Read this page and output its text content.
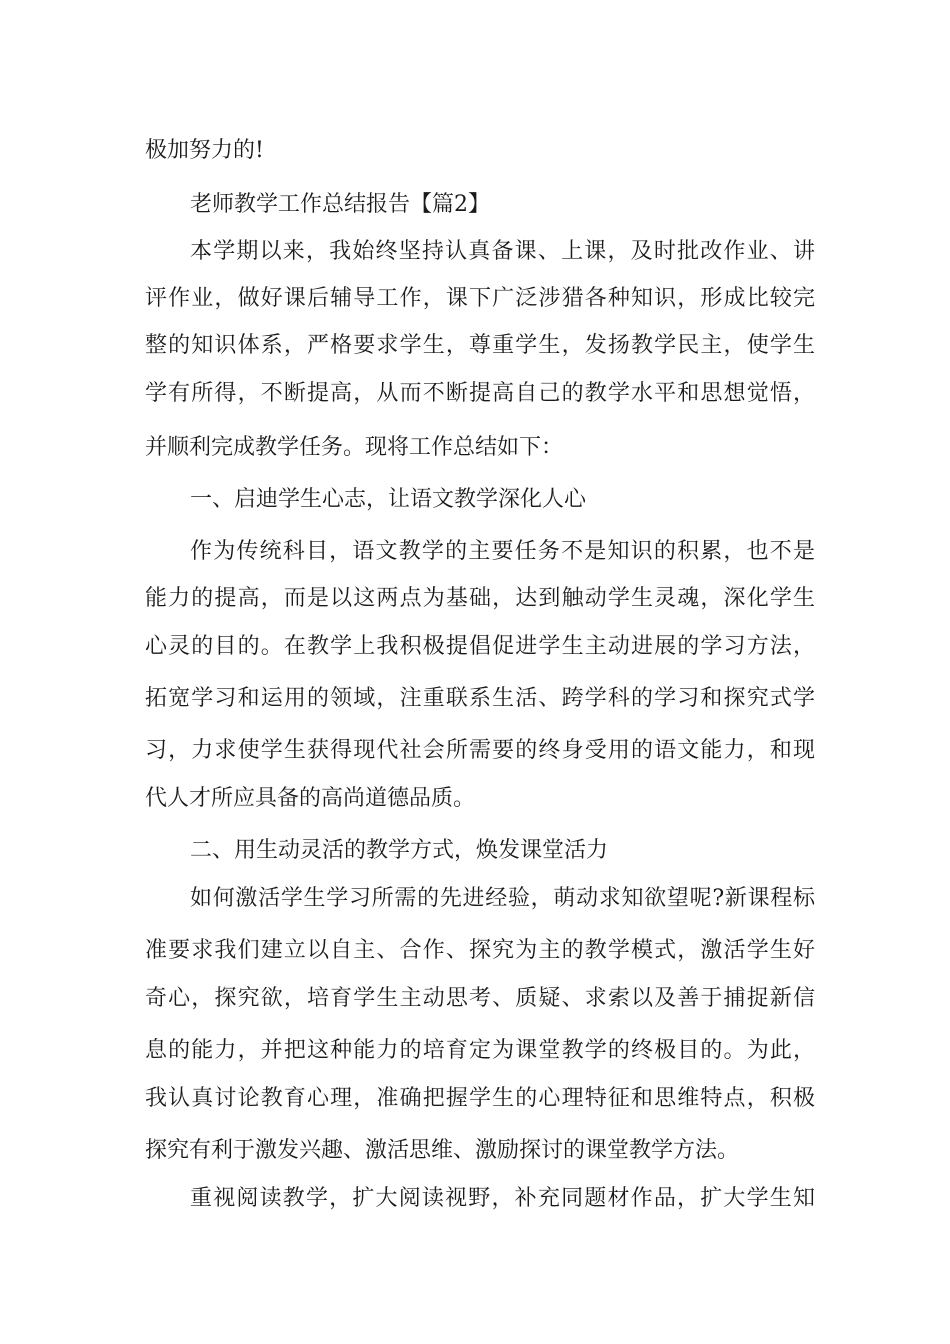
极加努力的!
老师教学工作总结报告【篇2】
本学期以来，我始终坚持认真备课、上课，及时批改作业、讲
评作业，做好课后辅导工作，课下广泛涉猎各种知识，形成比较完
整的知识体系，严格要求学生，尊重学生，发扬教学民主，使学生
学有所得，不断提高，从而不断提高自己的教学水平和思想觉悟，
并顺利完成教学任务。现将工作总结如下：
一、启迪学生心志，让语文教学深化人心
作为传统科目，语文教学的主要任务不是知识的积累，也不是
能力的提高，而是以这两点为基础，达到触动学生灵魂，深化学生
心灵的目的。在教学上我积极提倡促进学生主动进展的学习方法，
拓宽学习和运用的领域，注重联系生活、跨学科的学习和探究式学
习，力求使学生获得现代社会所需要的终身受用的语文能力，和现
代人才所应具备的高尚道德品质。
二、用生动灵活的教学方式，焕发课堂活力
如何激活学生学习所需的先进经验，萌动求知欲望呢?新课程标
准要求我们建立以自主、合作、探究为主的教学模式，激活学生好
奇心，探究欲，培育学生主动思考、质疑、求索以及善于捕捉新信
息的能力，并把这种能力的培育定为课堂教学的终极目的。为此，
我认真讨论教育心理，准确把握学生的心理特征和思维特点，积极
探究有利于激发兴趣、激活思维、激励探讨的课堂教学方法。
重视阅读教学，扩大阅读视野，补充同题材作品，扩大学生知
